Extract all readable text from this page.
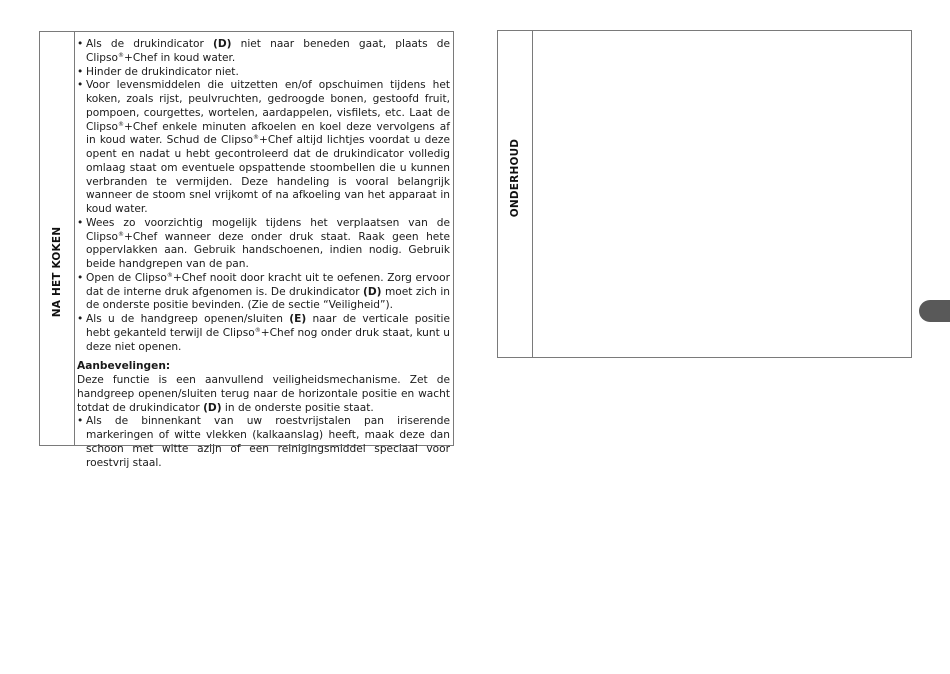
NA HET KOKEN
• Als de drukindicator (D) niet naar beneden gaat, plaats de Clipso®+Chef in koud water.
• Hinder de drukindicator niet.
• Voor levensmiddelen die uitzetten en/of opschuimen tijdens het koken, zoals rijst, peulvruchten, gedroogde bonen, gestoofd fruit, pompoen, courgettes, wortelen, aardappelen, visfilets, etc. Laat de Clipso®+Chef enkele minuten afkoelen en koel deze vervolgens af in koud water. Schud de Clipso®+Chef altijd lichtjes voordat u deze opent en nadat u hebt gecontroleerd dat de drukindicator volledig omlaag staat om eventuele opspattende stoombellen die u kunnen verbranden te vermijden. Deze handeling is vooral belangrijk wanneer de stoom snel vrijkomt of na afkoeling van het apparaat in koud water.
• Wees zo voorzichtig mogelijk tijdens het verplaatsen van de Clipso®+Chef wanneer deze onder druk staat. Raak geen hete oppervlakken aan. Gebruik handschoenen, indien nodig. Gebruik beide handgrepen van de pan.
• Open de Clipso®+Chef nooit door kracht uit te oefenen. Zorg ervoor dat de interne druk afgenomen is. De drukindicator (D) moet zich in de onderste positie bevinden. (Zie de sectie “Veiligheid”).
• Als u de handgreep openen/sluiten (E) naar de verticale positie hebt gekanteld terwijl de Clipso®+Chef nog onder druk staat, kunt u deze niet openen.

Aanbevelingen:

Deze functie is een aanvullend veiligheidsmechanisme. Zet de handgreep openen/sluiten terug naar de horizontale positie en wacht totdat de drukindicator (D) in de onderste positie staat.

• Als de binnenkant van uw roestvrijstalen pan iriserende markeringen of witte vlekken (kalkaanslag) heeft, maak deze dan schoon met witte azijn of een reinigingsmiddel speciaal voor roestvrij staal.
ONDERHOUD
